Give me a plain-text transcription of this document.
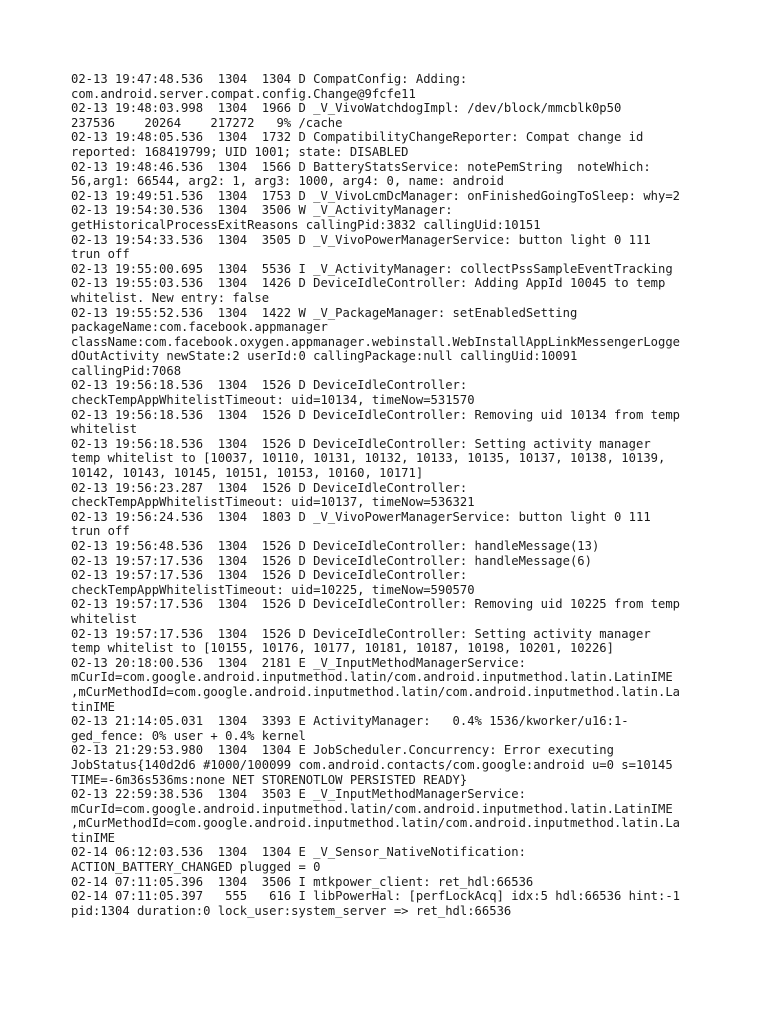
02-13 19:47:48.536  1304  1304 D CompatConfig: Adding:
com.android.server.compat.config.Change@9fcfe11
02-13 19:48:03.998  1304  1966 D _V_VivoWatchdogImpl: /dev/block/mmcblk0p50
237536    20264    217272   9% /cache
02-13 19:48:05.536  1304  1732 D CompatibilityChangeReporter: Compat change id
reported: 168419799; UID 1001; state: DISABLED
02-13 19:48:46.536  1304  1566 D BatteryStatsService: notePemString  noteWhich:
56,arg1: 66544, arg2: 1, arg3: 1000, arg4: 0, name: android
02-13 19:49:51.536  1304  1753 D _V_VivoLcmDcManager: onFinishedGoingToSleep: why=2
02-13 19:54:30.536  1304  3506 W _V_ActivityManager:
getHistoricalProcessExitReasons callingPid:3832 callingUid:10151
02-13 19:54:33.536  1304  3505 D _V_VivoPowerManagerService: button light 0 111
trun off
02-13 19:55:00.695  1304  5536 I _V_ActivityManager: collectPssSampleEventTracking
02-13 19:55:03.536  1304  1426 D DeviceIdleController: Adding AppId 10045 to temp
whitelist. New entry: false
02-13 19:55:52.536  1304  1422 W _V_PackageManager: setEnabledSetting
packageName:com.facebook.appmanager
className:com.facebook.oxygen.appmanager.webinstall.WebInstallAppLinkMessengerLogge
dOutActivity newState:2 userId:0 callingPackage:null callingUid:10091
callingPid:7068
02-13 19:56:18.536  1304  1526 D DeviceIdleController:
checkTempAppWhitelistTimeout: uid=10134, timeNow=531570
02-13 19:56:18.536  1304  1526 D DeviceIdleController: Removing uid 10134 from temp
whitelist
02-13 19:56:18.536  1304  1526 D DeviceIdleController: Setting activity manager
temp whitelist to [10037, 10110, 10131, 10132, 10133, 10135, 10137, 10138, 10139,
10142, 10143, 10145, 10151, 10153, 10160, 10171]
02-13 19:56:23.287  1304  1526 D DeviceIdleController:
checkTempAppWhitelistTimeout: uid=10137, timeNow=536321
02-13 19:56:24.536  1304  1803 D _V_VivoPowerManagerService: button light 0 111
trun off
02-13 19:56:48.536  1304  1526 D DeviceIdleController: handleMessage(13)
02-13 19:57:17.536  1304  1526 D DeviceIdleController: handleMessage(6)
02-13 19:57:17.536  1304  1526 D DeviceIdleController:
checkTempAppWhitelistTimeout: uid=10225, timeNow=590570
02-13 19:57:17.536  1304  1526 D DeviceIdleController: Removing uid 10225 from temp
whitelist
02-13 19:57:17.536  1304  1526 D DeviceIdleController: Setting activity manager
temp whitelist to [10155, 10176, 10177, 10181, 10187, 10198, 10201, 10226]
02-13 20:18:00.536  1304  2181 E _V_InputMethodManagerService:
mCurId=com.google.android.inputmethod.latin/com.android.inputmethod.latin.LatinIME
,mCurMethodId=com.google.android.inputmethod.latin/com.android.inputmethod.latin.La
tinIME
02-13 21:14:05.031  1304  3393 E ActivityManager:   0.4% 1536/kworker/u16:1-
ged_fence: 0% user + 0.4% kernel
02-13 21:29:53.980  1304  1304 E JobScheduler.Concurrency: Error executing
JobStatus{140d2d6 #1000/100099 com.android.contacts/com.google:android u=0 s=10145
TIME=-6m36s536ms:none NET STORENOTLOW PERSISTED READY}
02-13 22:59:38.536  1304  3503 E _V_InputMethodManagerService:
mCurId=com.google.android.inputmethod.latin/com.android.inputmethod.latin.LatinIME
,mCurMethodId=com.google.android.inputmethod.latin/com.android.inputmethod.latin.La
tinIME
02-14 06:12:03.536  1304  1304 E _V_Sensor_NativeNotification:
ACTION_BATTERY_CHANGED plugged = 0
02-14 07:11:05.396  1304  3506 I mtkpower_client: ret_hdl:66536
02-14 07:11:05.397   555   616 I libPowerHal: [perfLockAcq] idx:5 hdl:66536 hint:-1
pid:1304 duration:0 lock_user:system_server => ret_hdl:66536
